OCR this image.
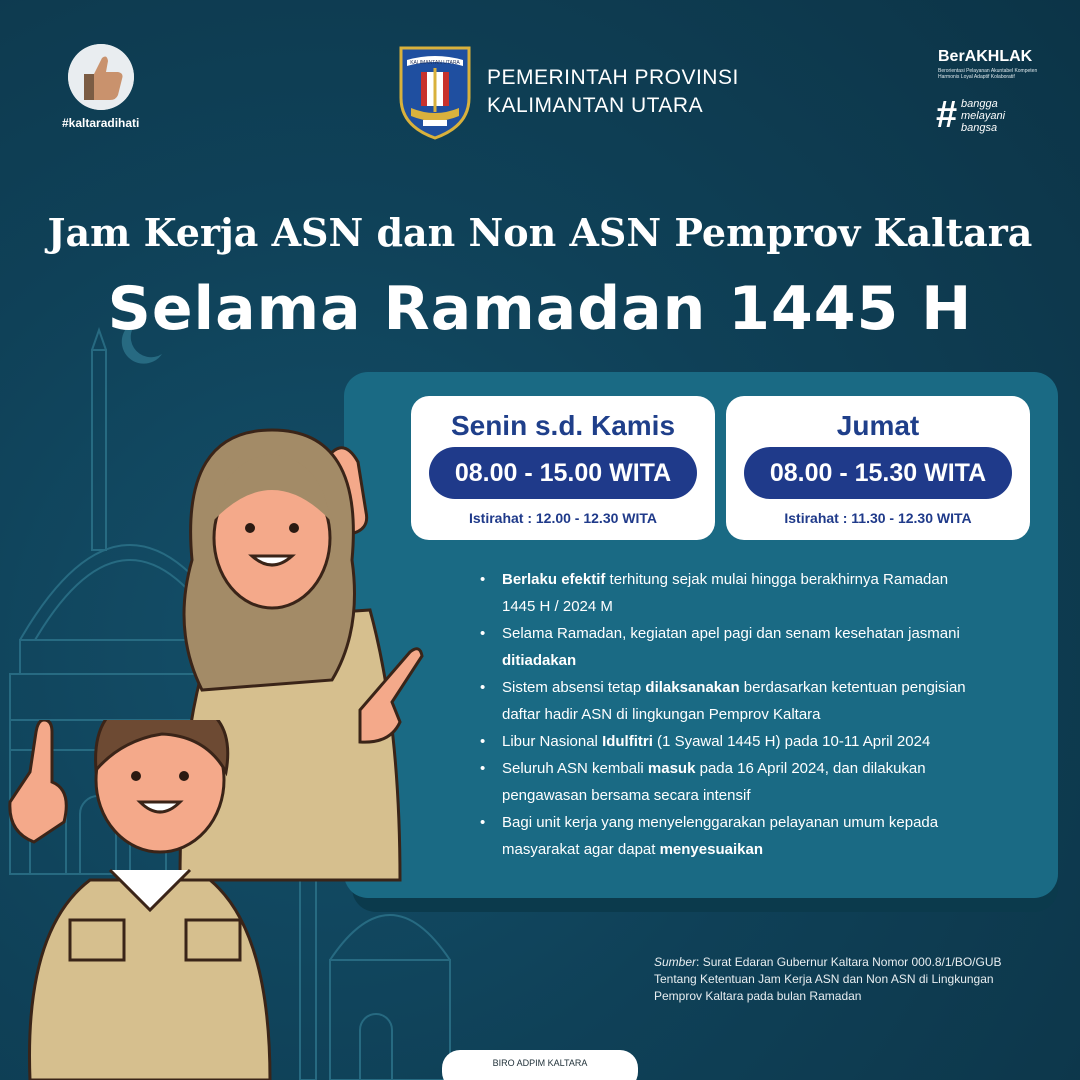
#kaltaradihati
KALIMANTAN UTARA
PEMERINTAH PROVINSI
KALIMANTAN UTARA
BerAKHLAK
Berorientasi Pelayanan Akuntabel Kompeten Harmonis Loyal Adaptif Kolaboratif
# bangga
melayani
bangsa
Jam Kerja ASN dan Non ASN Pemprov Kaltara
Selama Ramadan 1445 H
Senin s.d. Kamis
08.00 - 15.00 WITA
Istirahat : 12.00 - 12.30 WITA
Jumat
08.00 - 15.30 WITA
Istirahat : 11.30 - 12.30 WITA
• Berlaku efektif terhitung sejak mulai hingga berakhirnya Ramadan 1445 H / 2024 M
• Selama Ramadan, kegiatan apel pagi dan senam kesehatan jasmani ditiadakan
• Sistem absensi tetap dilaksanakan berdasarkan ketentuan pengisian daftar hadir ASN di lingkungan Pemprov Kaltara
• Libur Nasional Idulfitri (1 Syawal 1445 H) pada 10-11 April 2024
• Seluruh ASN kembali masuk pada 16 April 2024, dan dilakukan pengawasan bersama secara intensif
• Bagi unit kerja yang menyelenggarakan pelayanan umum kepada masyarakat agar dapat menyesuaikan
Sumber: Surat Edaran Gubernur Kaltara Nomor 000.8/1/BO/GUB Tentang Ketentuan Jam Kerja ASN dan Non ASN di Lingkungan Pemprov Kaltara pada bulan Ramadan
BIRO ADPIM KALTARA
